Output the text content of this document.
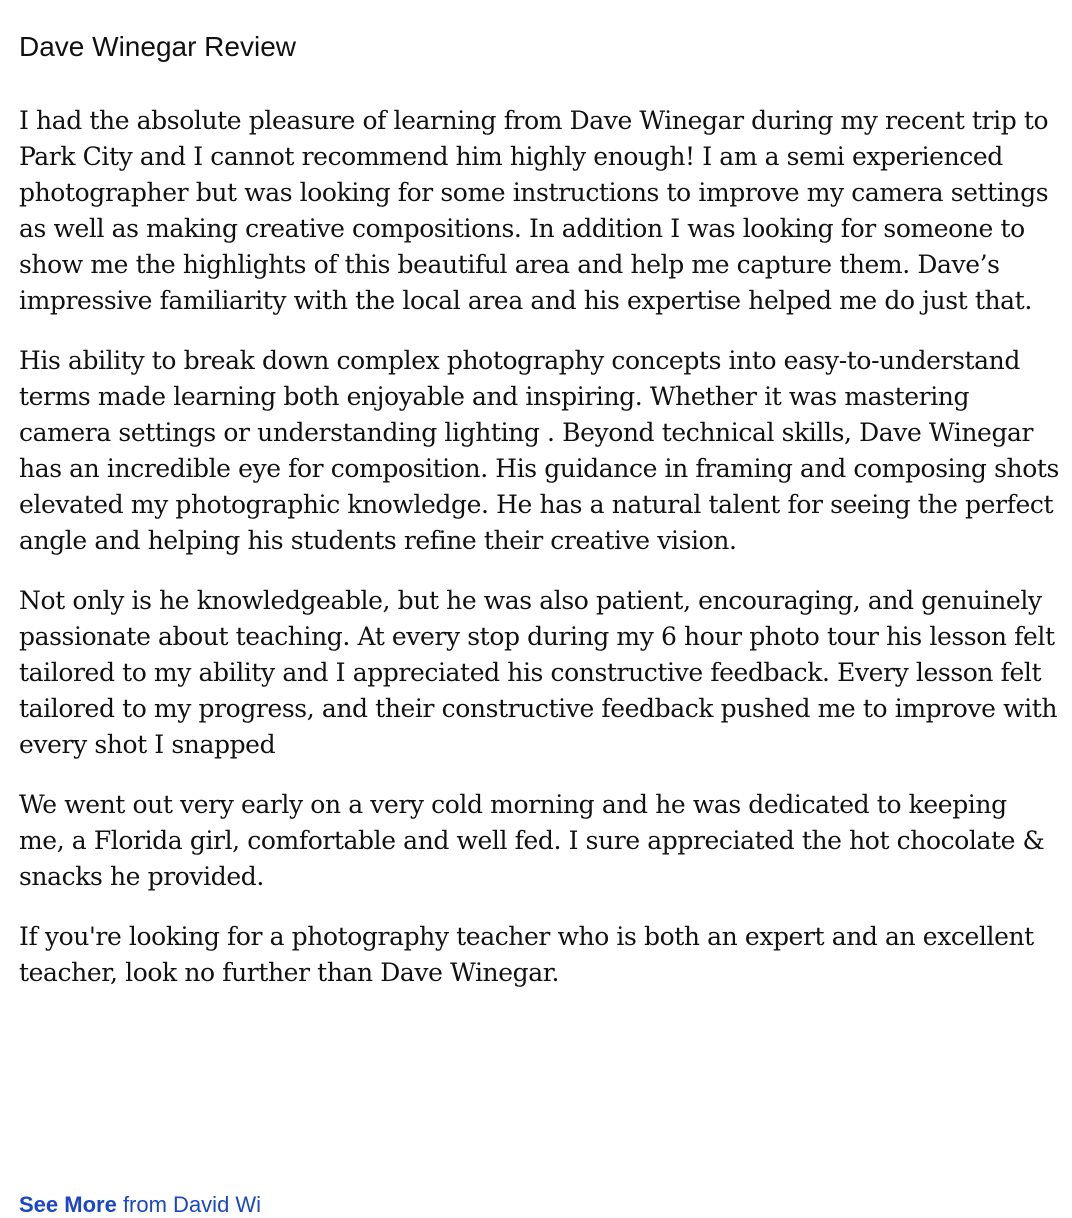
Dave Winegar Review

I had the absolute pleasure of learning from Dave Winegar during my recent trip to Park City and I cannot recommend him highly enough! I am a semi experienced photographer but was looking for some instructions to improve my camera settings as well as making creative compositions. In addition I was looking for someone to show me the highlights of this beautiful area and help me capture them. Dave’s impressive familiarity with the local area and his expertise helped me do just that.

His ability to break down complex photography concepts into easy-to-understand terms made learning both enjoyable and inspiring. Whether it was mastering camera settings or understanding lighting . Beyond technical skills, Dave Winegar has an incredible eye for composition. His guidance in framing and composing shots elevated my photographic knowledge. He has a natural talent for seeing the perfect angle and helping his students refine their creative vision.

Not only is he knowledgeable, but he was also patient, encouraging, and genuinely passionate about teaching. At every stop during my 6 hour photo tour his lesson felt tailored to my ability and I appreciated his constructive feedback. Every lesson felt tailored to my progress, and their constructive feedback pushed me to improve with every shot I snapped

We went out very early on a very cold morning and he was dedicated to keeping me, a Florida girl, comfortable and well fed. I sure appreciated the hot chocolate & snacks he provided.

If you're looking for a photography teacher who is both an expert and an excellent teacher, look no further than Dave Winegar.

See More from David Wi
